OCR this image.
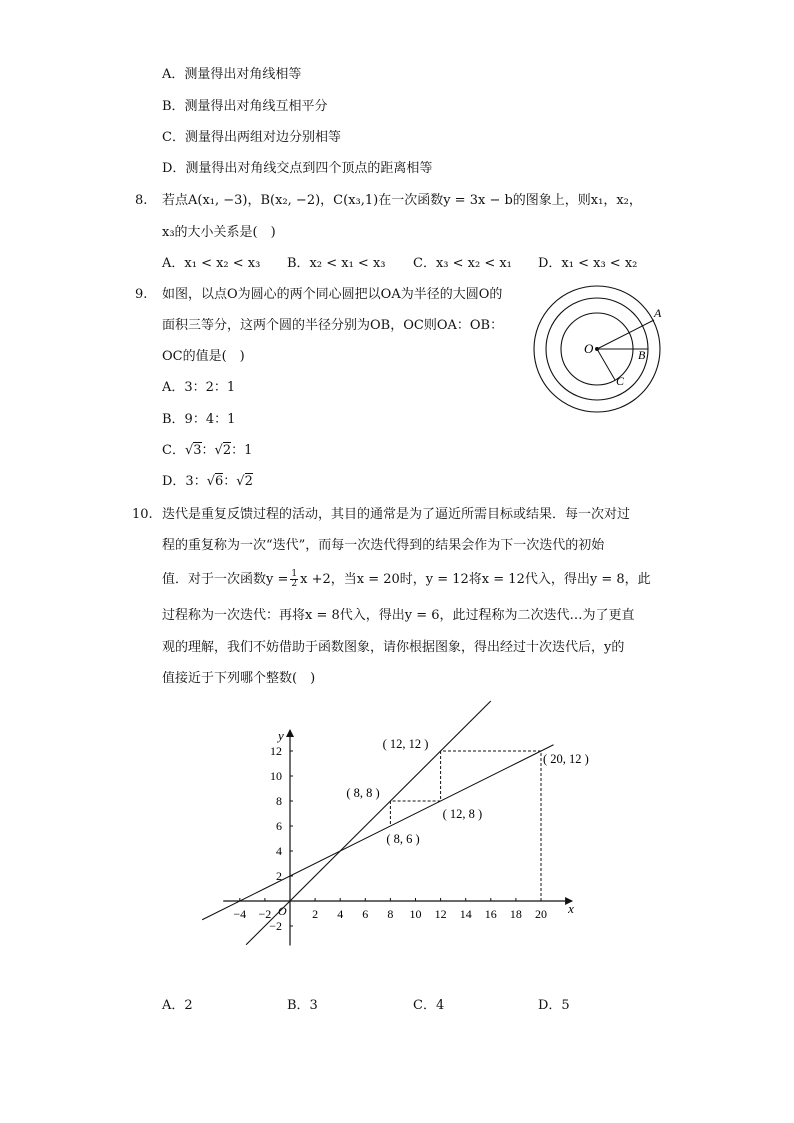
A．测量得出对角线相等
B．测量得出对角线互相平分
C．测量得出两组对边分别相等
D．测量得出对角线交点到四个顶点的距离相等
8. 若点A(x₁, −3)，B(x₂, −2)，C(x₃,1)在一次函数y = 3x − b的图象上，则x₁，x₂，
x₃的大小关系是(　)
A．x₁ < x₂ < x₃ B．x₂ < x₁ < x₃ C．x₃ < x₂ < x₁ D．x₁ < x₃ < x₂
9. 如图，以点O为圆心的两个同心圆把以OA为半径的大圆O的
面积三等分，这两个圆的半径分别为OB，OC则OA：OB：
OC的值是(　)
A．3：2：1
B．9：4：1
C．√3：√2：1
D．3：√6：√2
O
A
B
C
10. 迭代是重复反馈过程的活动，其目的通常是为了逼近所需目标或结果．每一次对过
程的重复称为一次“迭代”，而每一次迭代得到的结果会作为下一次迭代的初始
值．对于一次函数$y = \frac{1}{2}$ x +2，当x = 20时，y = 12将x = 12代入，得出y = 8，此
过程称为一次迭代：再将x = 8代入，得出y = 6，此过程称为二次迭代…为了更直
观的理解，我们不妨借助于函数图象，请你根据图象，得出经过十次迭代后，y的
值接近于下列哪个整数(　)
x
y
O
−4 −2	2 4 6 8 10 12 14 16 18 20
−2
2
4
6
8
10
12	( 12, 12 )
( 20, 12 )
( 8, 8 )
( 12, 8 )
( 8, 6 )
A．2	B．3	C．4	D．5
